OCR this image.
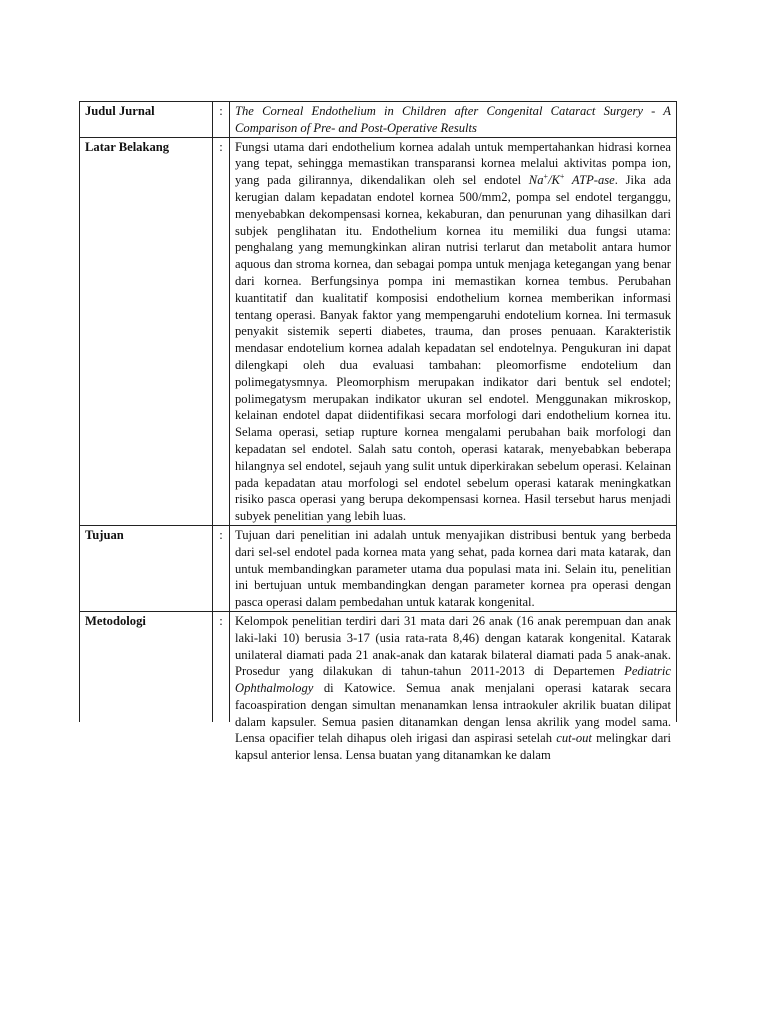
Judul Jurnal	:	The Corneal Endothelium in Children after Congenital Cataract Surgery - A Comparison of Pre- and Post-Operative Results
Latar Belakang	:	Fungsi utama dari endothelium kornea adalah untuk mempertahankan hidrasi kornea yang tepat, sehingga memastikan transparansi kornea melalui aktivitas pompa ion, yang pada gilirannya, dikendalikan oleh sel endotel Na+/K+ ATP-ase. Jika ada kerugian dalam kepadatan endotel kornea 500/mm2, pompa sel endotel terganggu, menyebabkan dekompensasi kornea, kekaburan, dan penurunan yang dihasilkan dari subjek penglihatan itu. Endothelium kornea itu memiliki dua fungsi utama: penghalang yang memungkinkan aliran nutrisi terlarut dan metabolit antara humor aquous dan stroma kornea, dan sebagai pompa untuk menjaga ketegangan yang benar dari kornea. Berfungsinya pompa ini memastikan kornea tembus. Perubahan kuantitatif dan kualitatif komposisi endothelium kornea memberikan informasi tentang operasi. Banyak faktor yang mempengaruhi endotelium kornea. Ini termasuk penyakit sistemik seperti diabetes, trauma, dan proses penuaan. Karakteristik mendasar endotelium kornea adalah kepadatan sel endotelnya. Pengukuran ini dapat dilengkapi oleh dua evaluasi tambahan: pleomorfisme endotelium dan polimegatysmnya. Pleomorphism merupakan indikator dari bentuk sel endotel; polimegatysm merupakan indikator ukuran sel endotel. Menggunakan mikroskop, kelainan endotel dapat diidentifikasi secara morfologi dari endothelium kornea itu. Selama operasi, setiap rupture kornea mengalami perubahan baik morfologi dan kepadatan sel endotel. Salah satu contoh, operasi katarak, menyebabkan beberapa hilangnya sel endotel, sejauh yang sulit untuk diperkirakan sebelum operasi. Kelainan pada kepadatan atau morfologi sel endotel sebelum operasi katarak meningkatkan risiko pasca operasi yang berupa dekompensasi kornea. Hasil tersebut harus menjadi subyek penelitian yang lebih luas.
Tujuan	:	Tujuan dari penelitian ini adalah untuk menyajikan distribusi bentuk yang berbeda dari sel-sel endotel pada kornea mata yang sehat, pada kornea dari mata katarak, dan untuk membandingkan parameter utama dua populasi mata ini. Selain itu, penelitian ini bertujuan untuk membandingkan dengan parameter kornea pra operasi dengan pasca operasi dalam pembedahan untuk katarak kongenital.
Metodologi	:	Kelompok penelitian terdiri dari 31 mata dari 26 anak (16 anak perempuan dan anak laki-laki 10) berusia 3-17 (usia rata-rata 8,46) dengan katarak kongenital. Katarak unilateral diamati pada 21 anak-anak dan katarak bilateral diamati pada 5 anak-anak. Prosedur yang dilakukan di tahun-tahun 2011-2013 di Departemen Pediatric Ophthalmology di Katowice. Semua anak menjalani operasi katarak secara facoaspiration dengan simultan menanamkan lensa intraokuler akrilik buatan dilipat dalam kapsuler. Semua pasien ditanamkan dengan lensa akrilik yang model sama. Lensa opacifier telah dihapus oleh irigasi dan aspirasi setelah cut-out melingkar dari kapsul anterior lensa. Lensa buatan yang ditanamkan ke dalam
